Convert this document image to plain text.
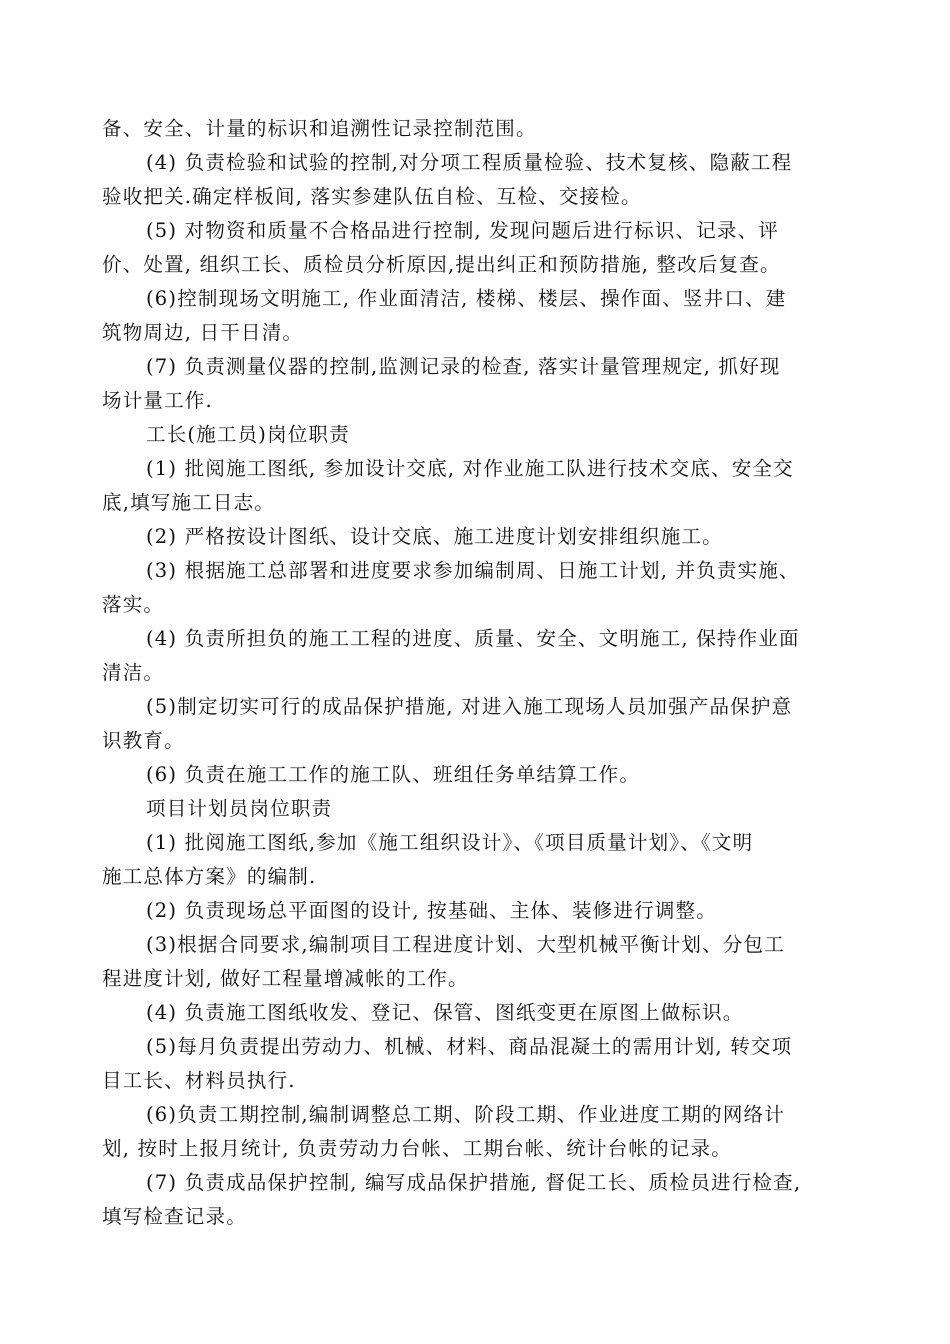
备、安全、计量的标识和追溯性记录控制范围。
(4) 负责检验和试验的控制,对分项工程质量检验、技术复核、隐蔽工程
验收把关.确定样板间, 落实参建队伍自检、互检、交接检。
(5) 对物资和质量不合格品进行控制, 发现问题后进行标识、记录、评
价、处置, 组织工长、质检员分析原因,提出纠正和预防措施, 整改后复查。
(6)控制现场文明施工, 作业面清洁, 楼梯、楼层、操作面、竖井口、建
筑物周边, 日干日清。
(7) 负责测量仪器的控制,监测记录的检查, 落实计量管理规定, 抓好现
场计量工作.
工长(施工员)岗位职责
(1) 批阅施工图纸, 参加设计交底, 对作业施工队进行技术交底、安全交
底,填写施工日志。
(2) 严格按设计图纸、设计交底、施工进度计划安排组织施工。
(3) 根据施工总部署和进度要求参加编制周、日施工计划, 并负责实施、
落实。
(4) 负责所担负的施工工程的进度、质量、安全、文明施工, 保持作业面
清洁。
(5)制定切实可行的成品保护措施, 对进入施工现场人员加强产品保护意
识教育。
(6) 负责在施工工作的施工队、班组任务单结算工作。
项目计划员岗位职责
(1) 批阅施工图纸,参加《施工组织设计》、《项目质量计划》、《文明
施工总体方案》的编制.
(2) 负责现场总平面图的设计, 按基础、主体、装修进行调整。
(3)根据合同要求,编制项目工程进度计划、大型机械平衡计划、分包工
程进度计划, 做好工程量增减帐的工作。
(4) 负责施工图纸收发、登记、保管、图纸变更在原图上做标识。
(5)每月负责提出劳动力、机械、材料、商品混凝土的需用计划, 转交项
目工长、材料员执行.
(6)负责工期控制,编制调整总工期、阶段工期、作业进度工期的网络计
划, 按时上报月统计, 负责劳动力台帐、工期台帐、统计台帐的记录。
(7) 负责成品保护控制, 编写成品保护措施, 督促工长、质检员进行检查,
填写检查记录。
